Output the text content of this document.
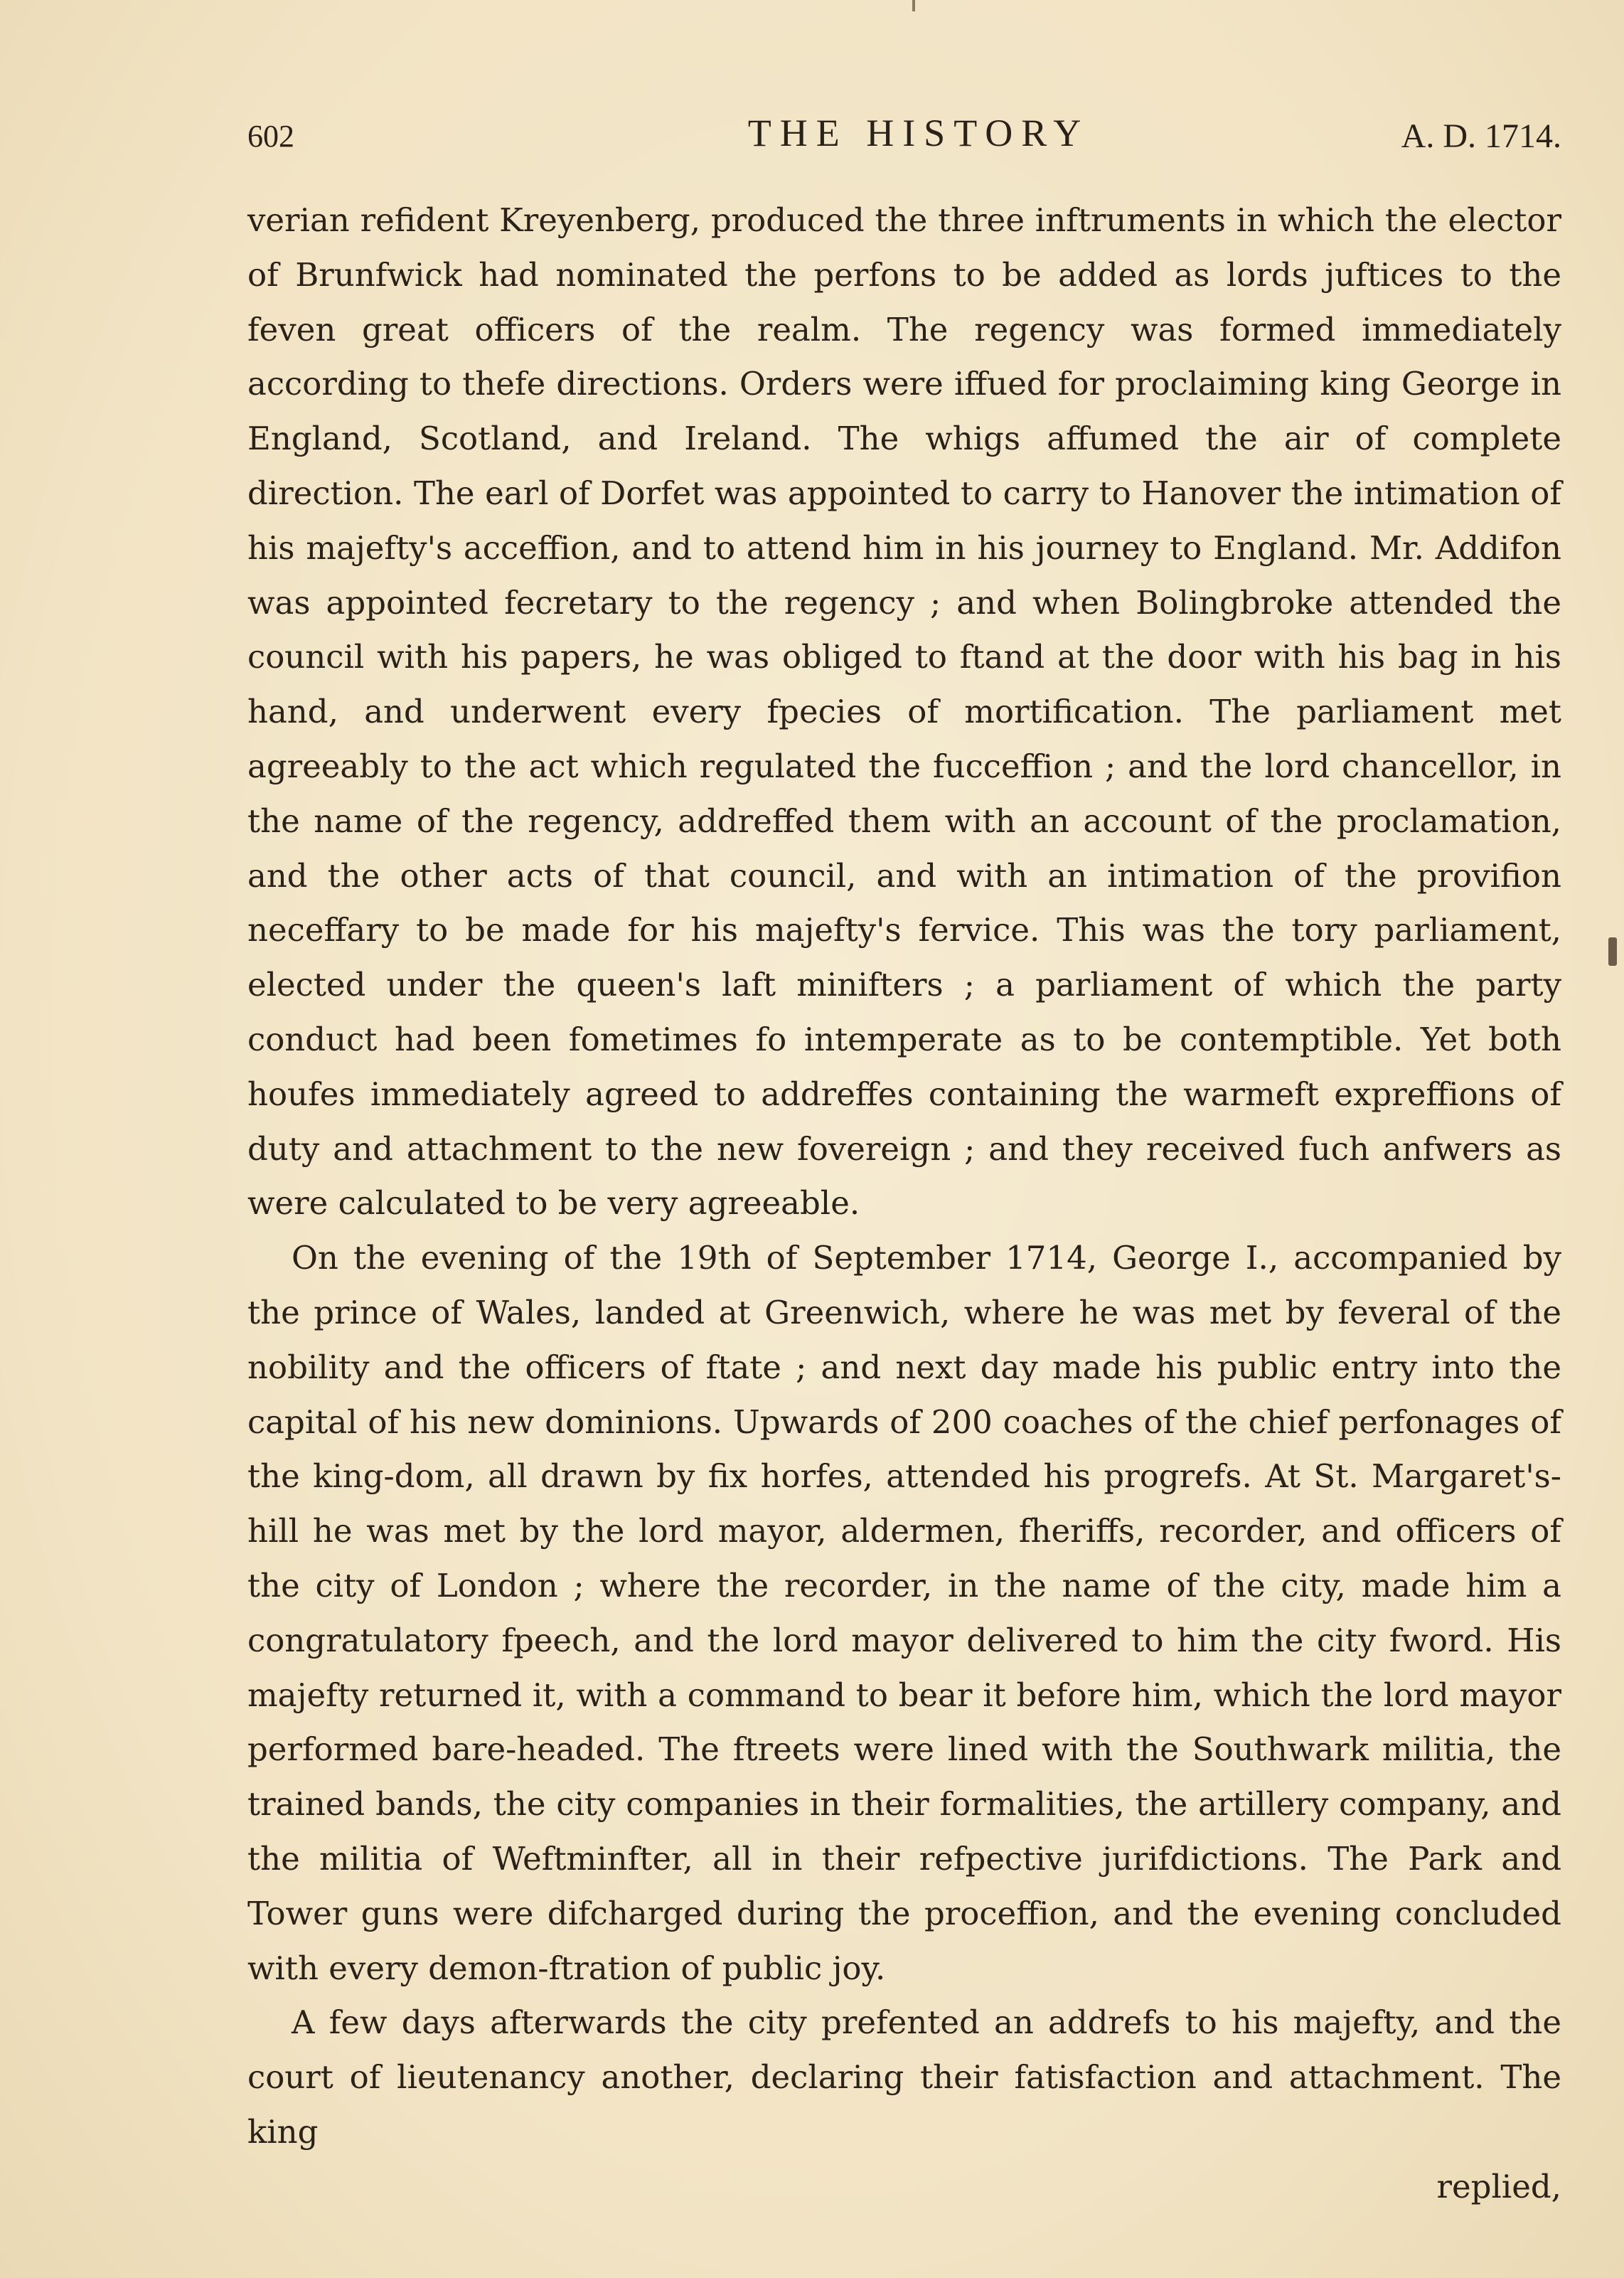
602	THE HISTORY	A. D. 1714.

verian refident Kreyenberg, produced the three inftruments in which the elector of Brunfwick had nominated the perfons to be added as lords juftices to the feven great officers of the realm. The regency was formed immediately according to thefe directions. Orders were iffued for proclaiming king George in England, Scotland, and Ireland. The whigs affumed the air of complete direction. The earl of Dorfet was appointed to carry to Hanover the intimation of his majefty's acceffion, and to attend him in his journey to England. Mr. Addifon was appointed fecretary to the regency ; and when Bolingbroke attended the council with his papers, he was obliged to ftand at the door with his bag in his hand, and underwent every fpecies of mortification. The parliament met agreeably to the act which regulated the fucceffion ; and the lord chancellor, in the name of the regency, addreffed them with an account of the proclamation, and the other acts of that council, and with an intimation of the provifion neceffary to be made for his majefty's fervice. This was the tory parliament, elected under the queen's laft minifters ; a parliament of which the party conduct had been fometimes fo intemperate as to be contemptible. Yet both houfes immediately agreed to addreffes containing the warmeft expreffions of duty and attachment to the new fovereign ; and they received fuch anfwers as were calculated to be very agreeable.

On the evening of the 19th of September 1714, George I., accompanied by the prince of Wales, landed at Greenwich, where he was met by feveral of the nobility and the officers of ftate ; and next day made his public entry into the capital of his new dominions. Upwards of 200 coaches of the chief perfonages of the king-dom, all drawn by fix horfes, attended his progrefs. At St. Margaret's-hill he was met by the lord mayor, aldermen, fheriffs, recorder, and officers of the city of London ; where the recorder, in the name of the city, made him a congratulatory fpeech, and the lord mayor delivered to him the city fword. His majefty returned it, with a command to bear it before him, which the lord mayor performed bare-headed. The ftreets were lined with the Southwark militia, the trained bands, the city companies in their formalities, the artillery company, and the militia of Weftminfter, all in their refpective jurifdictions. The Park and Tower guns were difcharged during the proceffion, and the evening concluded with every demon-ftration of public joy.

A few days afterwards the city prefented an addrefs to his majefty, and the court of lieutenancy another, declaring their fatisfaction and attachment. The king

replied,
